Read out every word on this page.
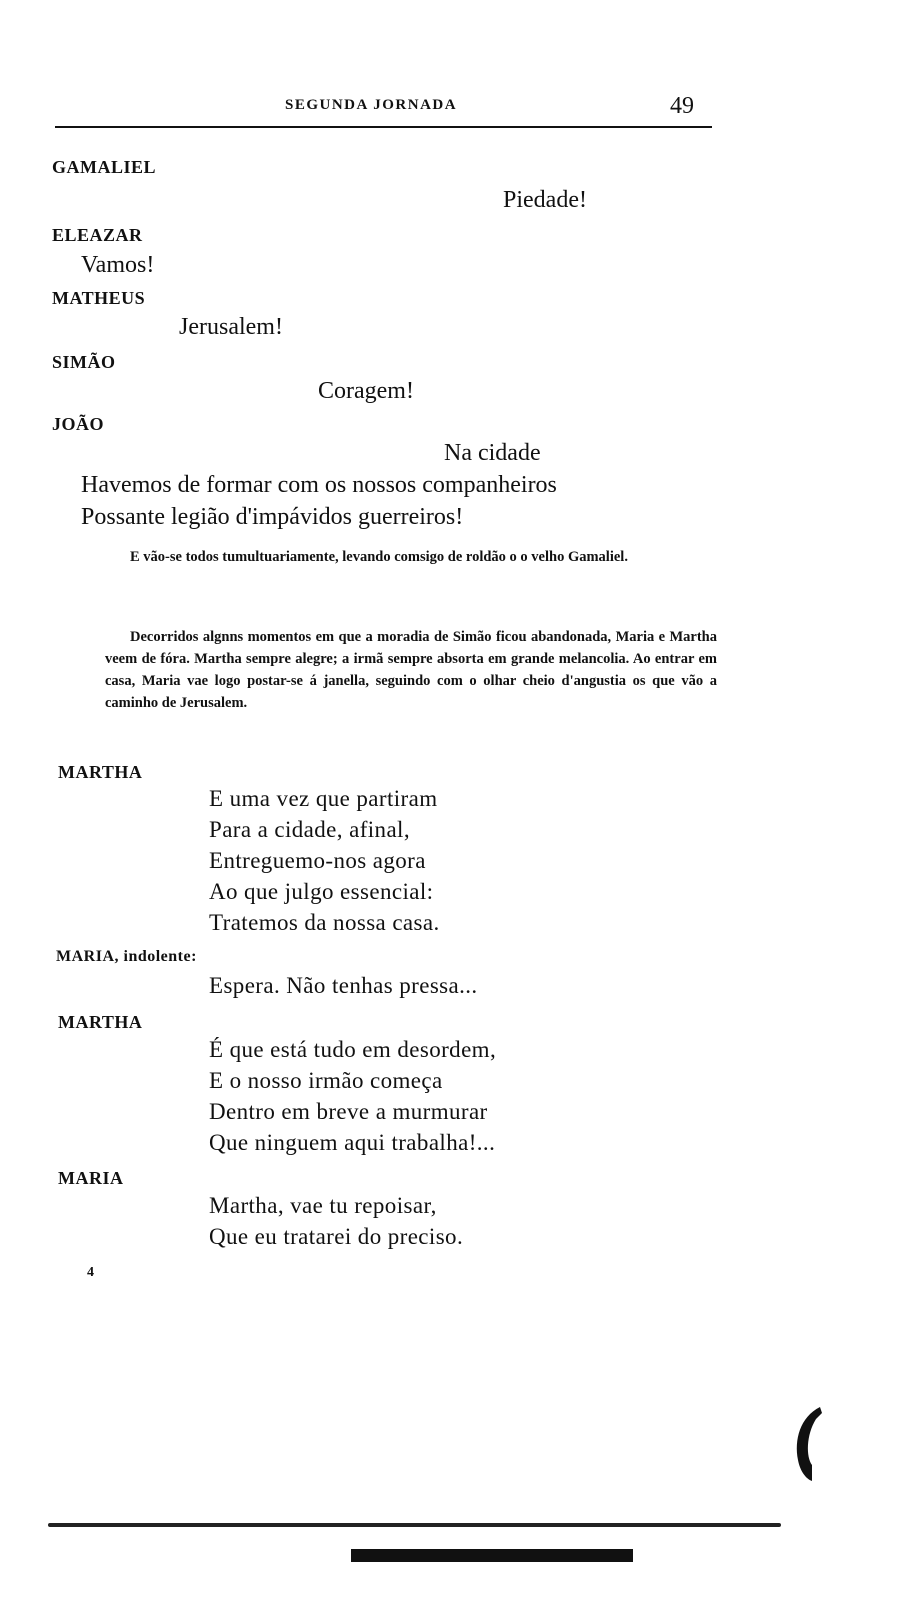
SEGUNDA JORNADA	49
GAMALIEL
Piedade!
ELEAZAR
Vamos!
MATHEUS
Jerusalem!
SIMÃO
Coragem!
JOÃO
Na cidade
Havemos de formar com os nossos companheiros
Possante legião d'impávidos guerreiros!

E vão-se todos tumultuariamente, levando comsigo de roldão o o velho Gamaliel.

Decorridos algnns momentos em que a moradia de Simão ficou abandonada, Maria e Martha veem de fóra. Martha sempre alegre; a irmã sempre absorta em grande melancolia. Ao entrar em casa, Maria vae logo postar-se á janella, seguindo com o olhar cheio d'angustia os que vão a caminho de Jerusalem.

MARTHA
E uma vez que partiram
Para a cidade, afinal,
Entreguemo-nos agora
Ao que julgo essencial:
Tratemos da nossa casa.
MARIA, indolente:
Espera. Não tenhas pressa...
MARTHA
É que está tudo em desordem,
E o nosso irmão começa
Dentro em breve a murmurar
Que ninguem aqui trabalha!...
MARIA
Martha, vae tu repoisar,
Que eu tratarei do preciso.
4
